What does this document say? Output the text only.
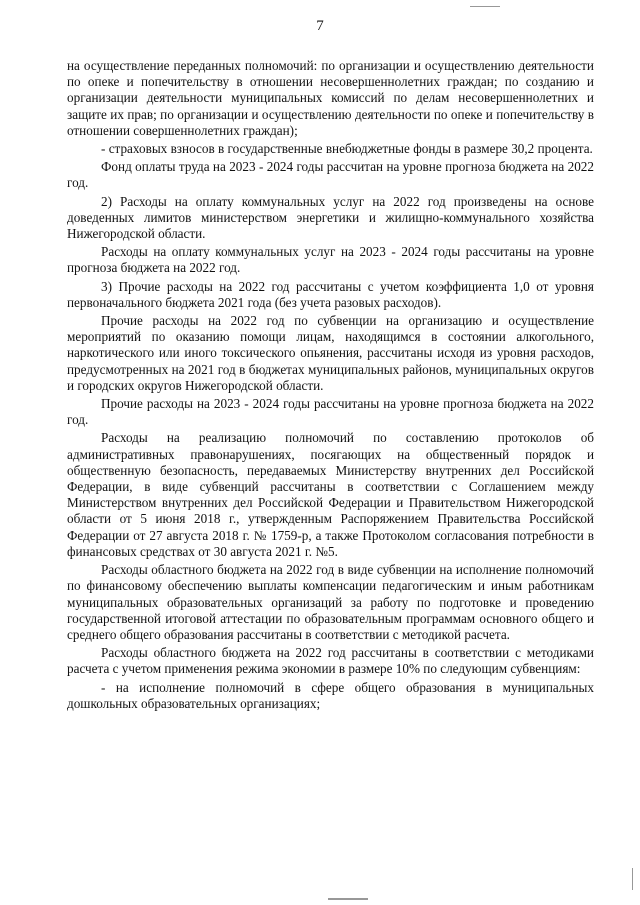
7

на осуществление переданных полномочий: по организации и осуществлению деятельности по опеке и попечительству в отношении несовершеннолетних граждан; по созданию и организации деятельности муниципальных комиссий по делам несовершеннолетних и защите их прав; по организации и осуществлению деятельности по опеке и попечительству в отношении совершеннолетних граждан);

- страховых взносов в государственные внебюджетные фонды в размере 30,2 процента.

Фонд оплаты труда на 2023 - 2024 годы рассчитан на уровне прогноза бюджета на 2022 год.

2) Расходы на оплату коммунальных услуг на 2022 год произведены на основе доведенных лимитов министерством энергетики и жилищно-коммунального хозяйства Нижегородской области.

Расходы на оплату коммунальных услуг на 2023 - 2024 годы рассчитаны на уровне прогноза бюджета на 2022 год.

3) Прочие расходы на 2022 год рассчитаны с учетом коэффициента 1,0 от уровня первоначального бюджета 2021 года (без учета разовых расходов).

Прочие расходы на 2022 год по субвенции на организацию и осуществление мероприятий по оказанию помощи лицам, находящимся в состоянии алкогольного, наркотического или иного токсического опьянения, рассчитаны исходя из уровня расходов, предусмотренных на 2021 год в бюджетах муниципальных районов, муниципальных округов и городских округов Нижегородской области.

Прочие расходы на 2023 - 2024 годы рассчитаны на уровне прогноза бюджета на 2022 год.

Расходы на реализацию полномочий по составлению протоколов об административных правонарушениях, посягающих на общественный порядок и общественную безопасность, передаваемых Министерству внутренних дел Российской Федерации, в виде субвенций рассчитаны в соответствии с Соглашением между Министерством внутренних дел Российской Федерации и Правительством Нижегородской области от 5 июня 2018 г., утвержденным Распоряжением Правительства Российской Федерации от 27 августа 2018 г. № 1759-р, а также Протоколом согласования потребности в финансовых средствах от 30 августа 2021 г. №5.

Расходы областного бюджета на 2022 год в виде субвенции на исполнение полномочий по финансовому обеспечению выплаты компенсации педагогическим и иным работникам муниципальных образовательных организаций за работу по подготовке и проведению государственной итоговой аттестации по образовательным программам основного общего и среднего общего образования рассчитаны в соответствии с методикой расчета.

Расходы областного бюджета на 2022 год рассчитаны в соответствии с методиками расчета с учетом применения режима экономии в размере 10% по следующим субвенциям:

- на исполнение полномочий в сфере общего образования в муниципальных дошкольных образовательных организациях;
